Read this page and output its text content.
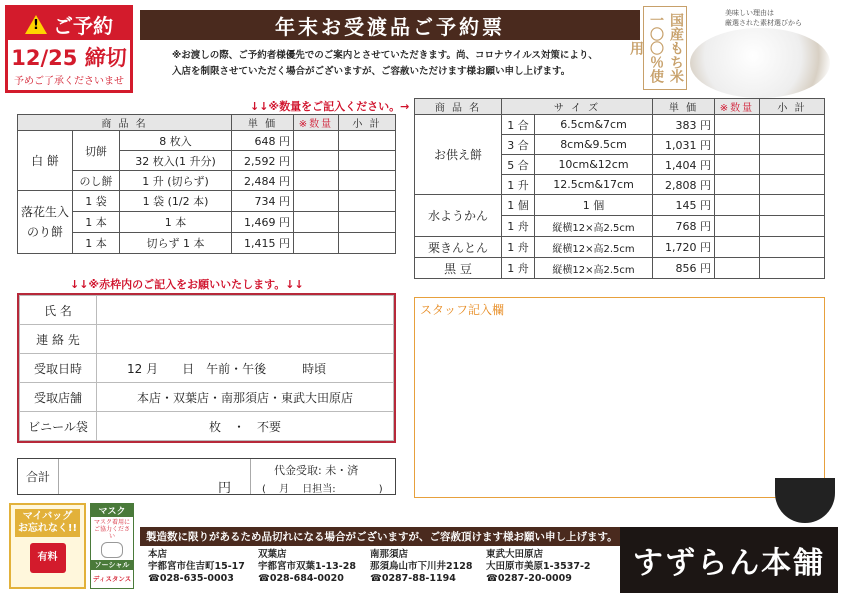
! ご予約
12/25 締切
予めご了承くださいませ
年末お受渡品ご予約票
※お渡しの際、ご予約者様優先でのご案内とさせていただきます。尚、コロナウイルス対策により、
入店を制限させていただく場合がございますが、ご容赦いただけます様お願い申し上げます。	国産もち米一〇〇％使用
美味しい理由は
厳選された素材選びから
↓↓※数量をご記入ください。→
商 品 名			単 価	※数量	小 計
白 餅	切餅	8 枚入	648 円		
		32 枚入(1 升分)	2,592 円		
	のし餅	1 升 (切らず)	2,484 円		

落花生入
のり餅	1 袋	1 袋 (1/2 本)	734 円		
	1 本	1 本	1,469 円		
	1 本	切らず 1 本	1,415 円		
商 品 名	サ イ ズ		単 価	※数量	小 計
お供え餅	1 合	6.5cm&7cm	383 円		
	3 合	8cm&9.5cm	1,031 円		
	5 合	10cm&12cm	1,404 円		
	1 升	12.5cm&17cm	2,808 円		
水ようかん	1 個	1 個	145 円		
	1 舟	縦横12×高2.5cm	768 円		
栗きんとん	1 舟	縦横12×高2.5cm	1,720 円		
黒 豆	1 舟	縦横12×高2.5cm	856 円		
↓↓※赤枠内のご記入をお願いいたします。↓↓
氏 名	
連 絡 先	
受取日時	12 月　　日　午前・午後　　　時頃
受取店舗	本店・双葉店・南那須店・東武大田原店
ビニール袋	枚　・　不要
スタッフ記入欄
合計
円
代金受取: 未・済
(　 月　 日担当:　　　　 )
マイバッグ
お忘れなく!!
有料
マスク
マスク着用にご協力ください
ソーシャル
ディスタンス
製造数に限りがあるため品切れになる場合がございますが、ご容赦頂けます様お願い申し上げます。
すずらん本舗
本店
宇都宮市住吉町15-17
☎028-635-0003
双葉店
宇都宮市双葉1-13-28
☎028-684-0020
南那須店
那須烏山市下川井2128
☎0287-88-1194
東武大田原店
大田原市美原1-3537-2
☎0287-20-0009
